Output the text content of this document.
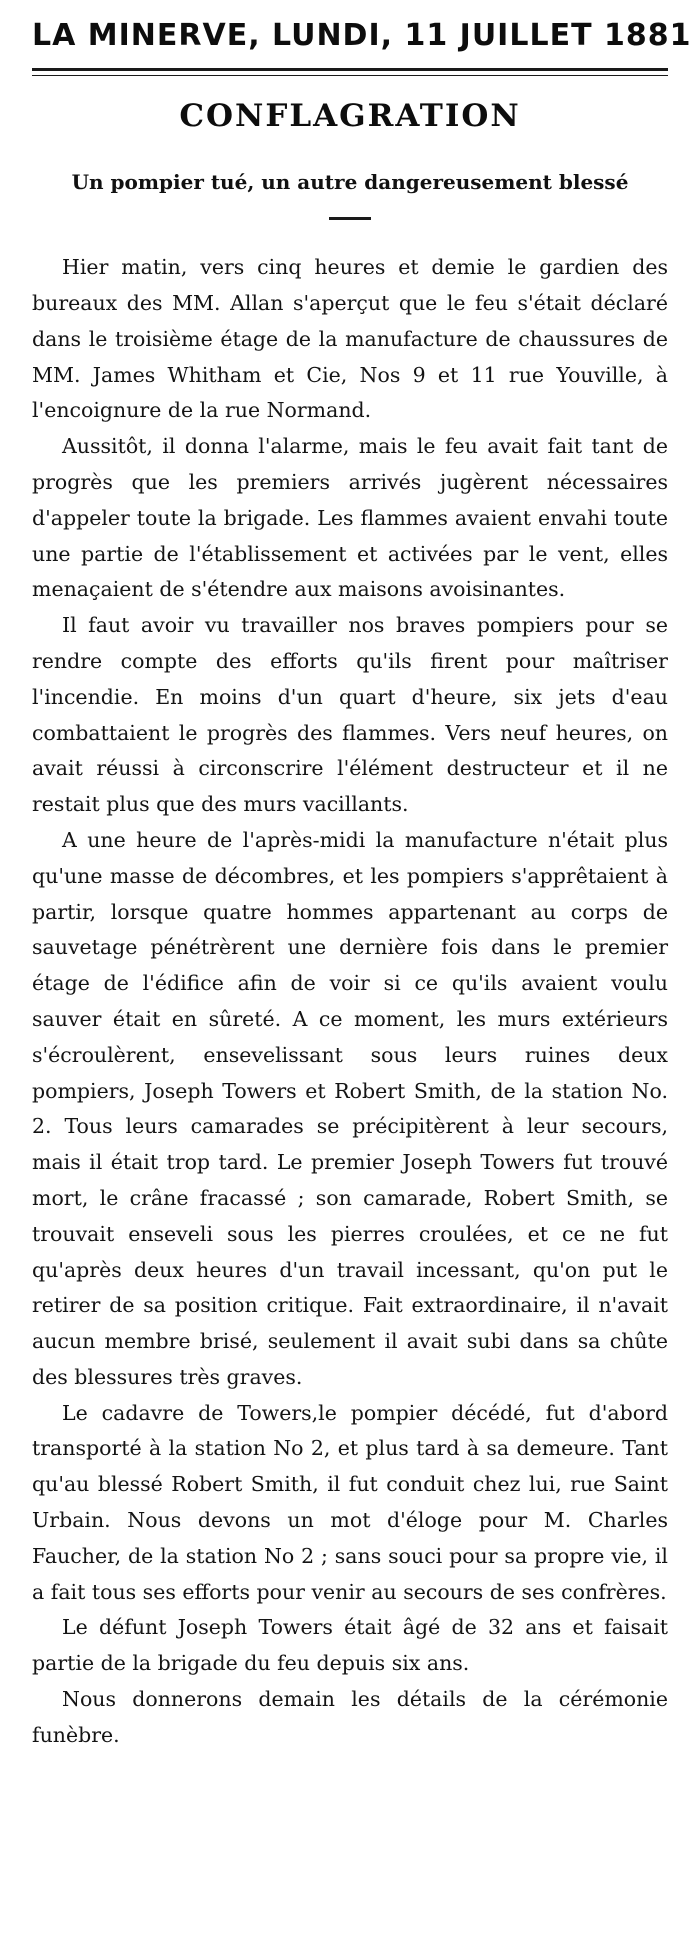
LA MINERVE, LUNDI, 11 JUILLET 1881
CONFLAGRATION
Un pompier tué, un autre dangereusement blessé

Hier matin, vers cinq heures et demie le gardien des bureaux des MM. Allan s'aperçut que le feu s'était déclaré dans le troisième étage de la manufacture de chaussures de MM. James Whitham et Cie, Nos 9 et 11 rue Youville, à l'encoignure de la rue Normand.

Aussitôt, il donna l'alarme, mais le feu avait fait tant de progrès que les premiers arrivés jugèrent nécessaires d'appeler toute la brigade. Les flammes avaient envahi toute une partie de l'établissement et activées par le vent, elles menaçaient de s'étendre aux maisons avoisinantes.

Il faut avoir vu travailler nos braves pompiers pour se rendre compte des efforts qu'ils firent pour maîtriser l'incendie. En moins d'un quart d'heure, six jets d'eau combattaient le progrès des flammes. Vers neuf heures, on avait réussi à circonscrire l'élément destructeur et il ne restait plus que des murs vacillants.

A une heure de l'après-midi la manufacture n'était plus qu'une masse de décombres, et les pompiers s'apprêtaient à partir, lorsque quatre hommes appartenant au corps de sauvetage pénétrèrent une dernière fois dans le premier étage de l'édifice afin de voir si ce qu'ils avaient voulu sauver était en sûreté. A ce moment, les murs extérieurs s'écroulèrent, ensevelissant sous leurs ruines deux pompiers, Joseph Towers et Robert Smith, de la station No. 2. Tous leurs camarades se précipitèrent à leur secours, mais il était trop tard. Le premier Joseph Towers fut trouvé mort, le crâne fracassé ; son camarade, Robert Smith, se trouvait enseveli sous les pierres croulées, et ce ne fut qu'après deux heures d'un travail incessant, qu'on put le retirer de sa position critique. Fait extraordinaire, il n'avait aucun membre brisé, seulement il avait subi dans sa chûte des blessures très graves.

Le cadavre de Towers,le pompier décédé, fut d'abord transporté à la station No 2, et plus tard à sa demeure. Tant qu'au blessé Robert Smith, il fut conduit chez lui, rue Saint Urbain. Nous devons un mot d'éloge pour M. Charles Faucher, de la station No 2 ; sans souci pour sa propre vie, il a fait tous ses efforts pour venir au secours de ses confrères.

Le défunt Joseph Towers était âgé de 32 ans et faisait partie de la brigade du feu depuis six ans.

Nous donnerons demain les détails de la cérémonie funèbre.
